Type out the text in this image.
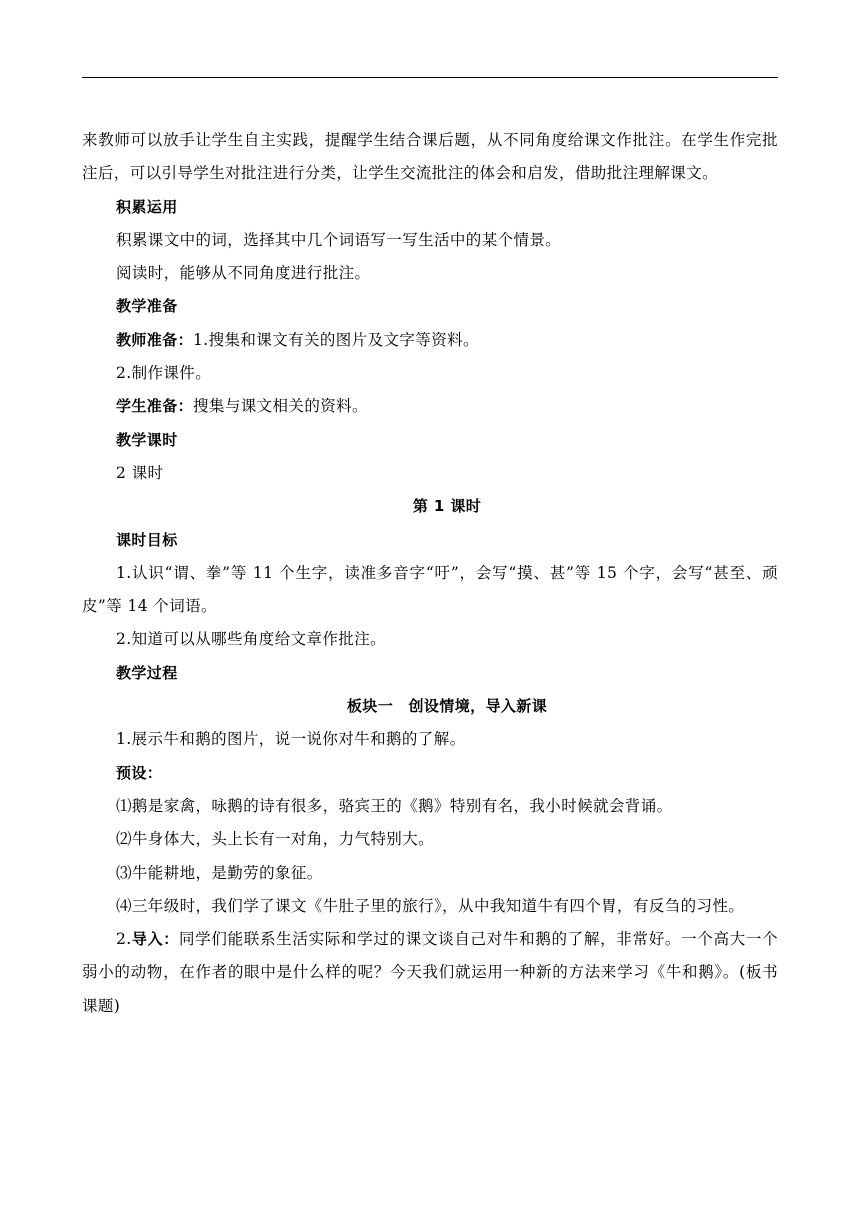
来教师可以放手让学生自主实践，提醒学生结合课后题，从不同角度给课文作批注。在学生作完批注后，可以引导学生对批注进行分类，让学生交流批注的体会和启发，借助批注理解课文。

积累运用

积累课文中的词，选择其中几个词语写一写生活中的某个情景。

阅读时，能够从不同角度进行批注。

教学准备

教师准备：1.搜集和课文有关的图片及文字等资料。

2.制作课件。

学生准备：搜集与课文相关的资料。

教学课时

2 课时

第 1 课时

课时目标

1.认识“谓、拳”等 11 个生字，读准多音字“吁”，会写“摸、甚”等 15 个字，会写“甚至、顽皮”等 14 个词语。

2.知道可以从哪些角度给文章作批注。

教学过程

板块一　创设情境，导入新课

1.展示牛和鹅的图片，说一说你对牛和鹅的了解。

预设：

⑴鹅是家禽，咏鹅的诗有很多，骆宾王的《鹅》特别有名，我小时候就会背诵。

⑵牛身体大，头上长有一对角，力气特别大。

⑶牛能耕地，是勤劳的象征。

⑷三年级时，我们学了课文《牛肚子里的旅行》，从中我知道牛有四个胃，有反刍的习性。

2.导入：同学们能联系生活实际和学过的课文谈自己对牛和鹅的了解，非常好。一个高大一个弱小的动物，在作者的眼中是什么样的呢？今天我们就运用一种新的方法来学习《牛和鹅》。(板书课题)
